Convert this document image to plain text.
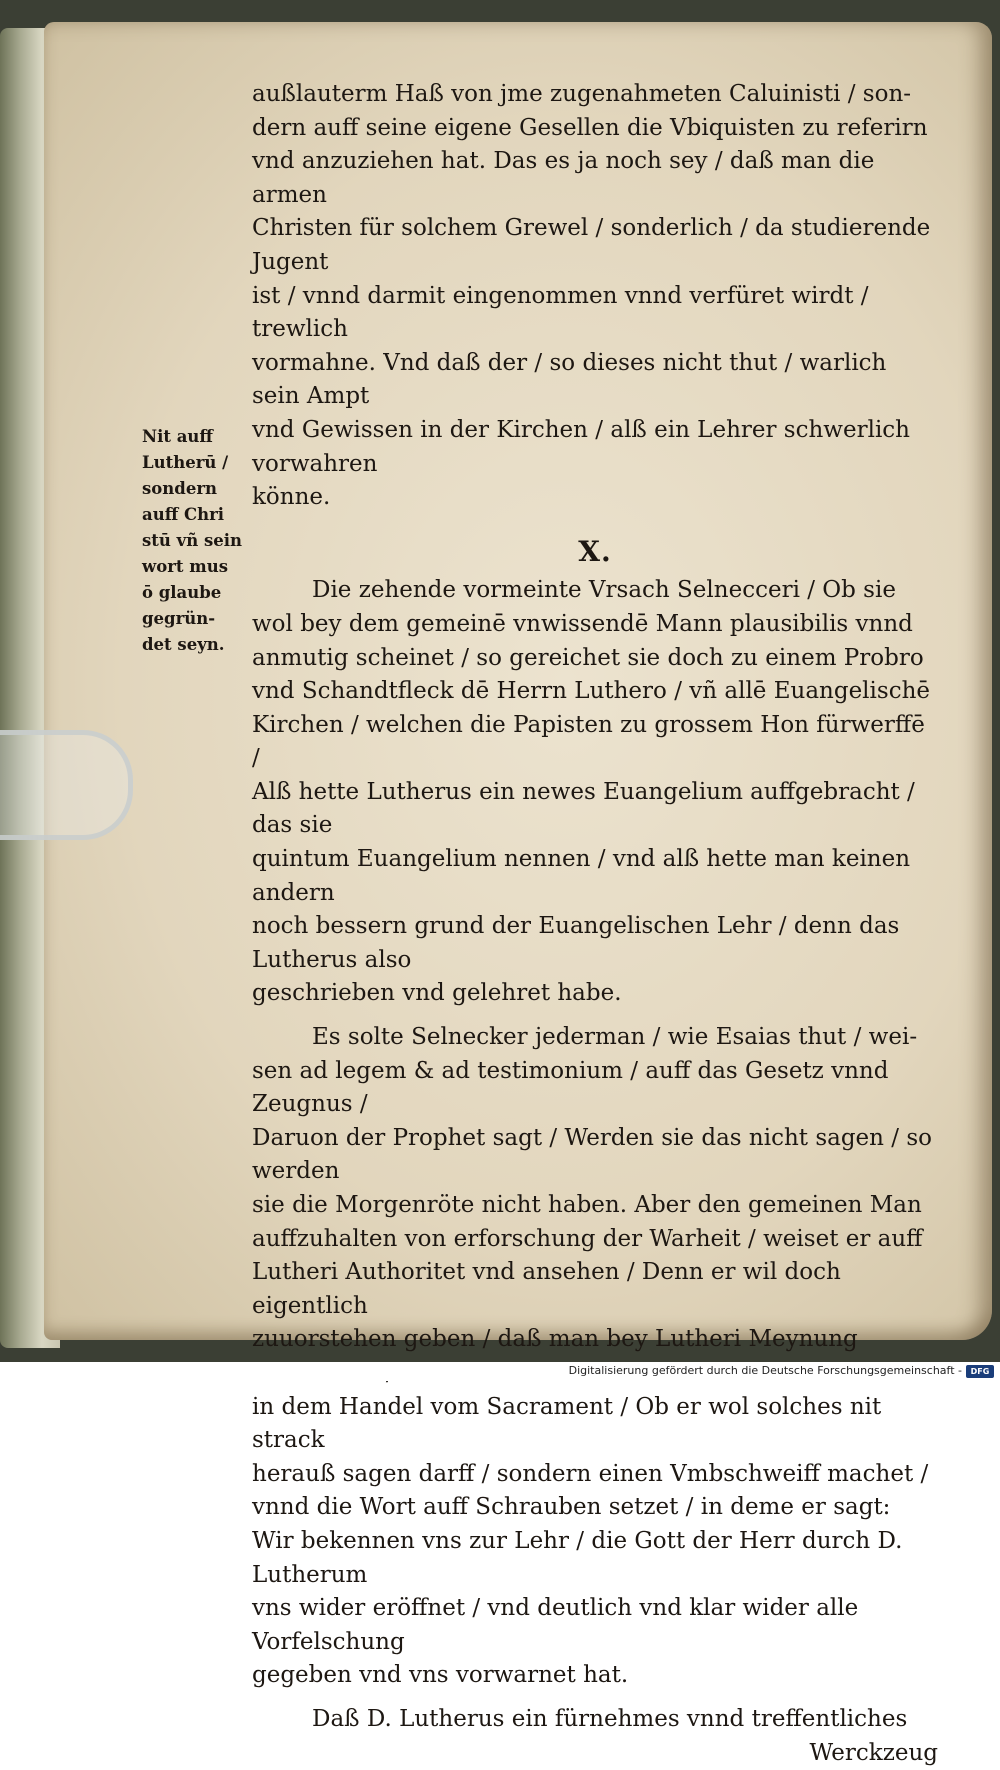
Nit auff
Lutherū /
sondern
auff Chri
stū vñ sein
wort mus
ō glaube
gegrün-
det seyn.
außlauterm Haß von jme zugenahmeten Caluinisti / son-
dern auff seine eigene Gesellen die Vbiquisten zu referirn
vnd anzuziehen hat. Das es ja noch sey / daß man die armen
Christen für solchem Grewel / sonderlich / da studierende Jugent
ist / vnnd darmit eingenommen vnnd verfüret wirdt / trewlich
vormahne. Vnd daß der / so dieses nicht thut / warlich sein Ampt
vnd Gewissen in der Kirchen / alß ein Lehrer schwerlich vorwahren
könne.
X.
Die zehende vormeinte Vrsach Selnecceri / Ob sie
wol bey dem gemeinē vnwissendē Mann plausibilis vnnd
anmutig scheinet / so gereichet sie doch zu einem Probro
vnd Schandtfleck dē Herrn Luthero / vñ allē Euangelischē
Kirchen / welchen die Papisten zu grossem Hon fürwerffē /
Alß hette Lutherus ein newes Euangelium auffgebracht / das sie
quintum Euangelium nennen / vnd alß hette man keinen andern
noch bessern grund der Euangelischen Lehr / denn das Lutherus also
geschrieben vnd gelehret habe.
Es solte Selnecker jederman / wie Esaias thut / wei-
sen ad legem & ad testimonium / auff das Gesetz vnnd Zeugnus /
Daruon der Prophet sagt / Werden sie das nicht sagen / so werden
sie die Morgenröte nicht haben. Aber den gemeinen Man
auffzuhalten von erforschung der Warheit / weiset er auff
Lutheri Authoritet vnd ansehen / Denn er wil doch eigentlich
zuuorstehen geben / daß man bey Lutheri Meynung
in dem Handel vom Sacrament / Ob er wol solches nit strack
herauß sagen darff / sondern einen Vmbschweiff machet /
vnnd die Wort auff Schrauben setzet / in deme er sagt:
Wir bekennen vns zur Lehr / die Gott der Herr durch D. Lutherum
vns wider eröffnet / vnd deutlich vnd klar wider alle Vorfelschung
gegeben vnd vns vorwarnet hat.
Daß D. Lutherus ein fürnehmes vnnd treffentliches
Werckzeug
Digitalisierung gefördert durch die Deutsche Forschungsgemeinschaft -	DFG
